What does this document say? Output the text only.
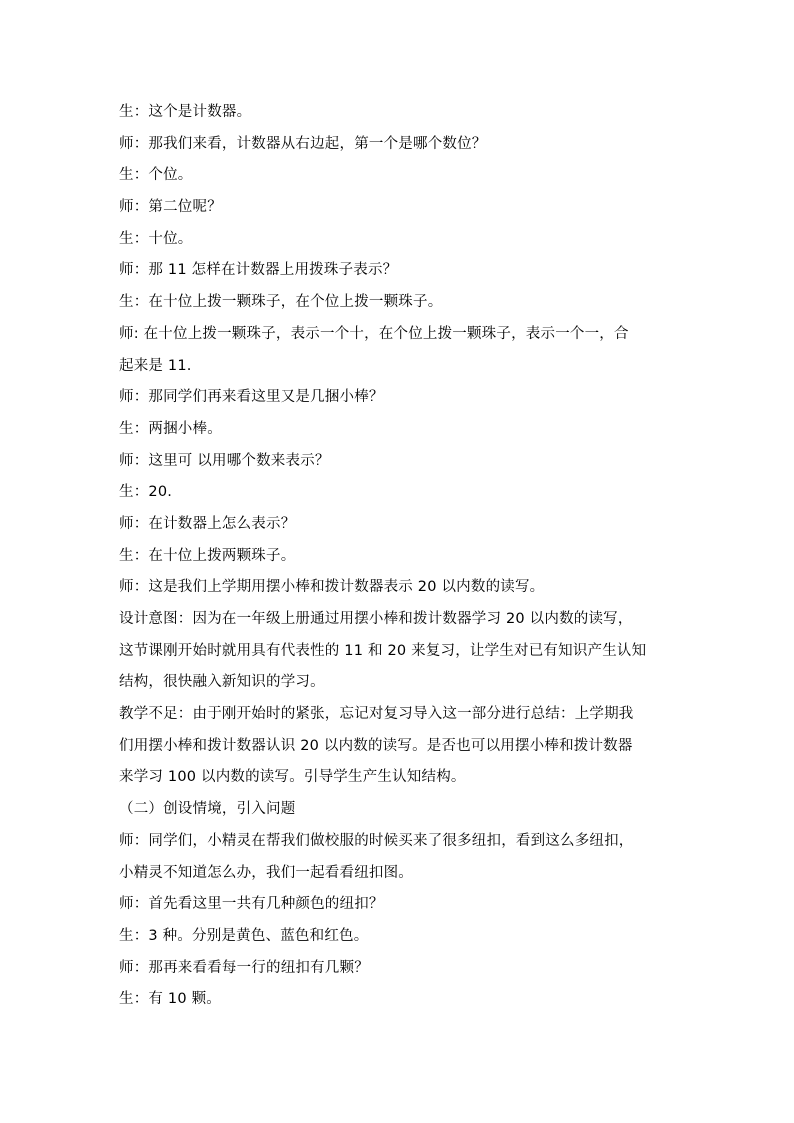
生：这个是计数器。
师：那我们来看，计数器从右边起，第一个是哪个数位？
生：个位。
师：第二位呢？
生：十位。
师：那 11 怎样在计数器上用拨珠子表示？
生：在十位上拨一颗珠子，在个位上拨一颗珠子。
师: 在十位上拨一颗珠子，表示一个十，在个位上拨一颗珠子，表示一个一，合
起来是 11.
师：那同学们再来看这里又是几捆小棒？
生：两捆小棒。
师：这里可 以用哪个数来表示？
生：20.
师：在计数器上怎么表示？
生：在十位上拨两颗珠子。
师：这是我们上学期用摆小棒和拨计数器表示 20 以内数的读写。
设计意图：因为在一年级上册通过用摆小棒和拨计数器学习 20 以内数的读写，
这节课刚开始时就用具有代表性的 11 和 20 来复习，让学生对已有知识产生认知
结构，很快融入新知识的学习。
教学不足：由于刚开始时的紧张，忘记对复习导入这一部分进行总结：上学期我
们用摆小棒和拨计数器认识 20 以内数的读写。是否也可以用摆小棒和拨计数器
来学习 100 以内数的读写。引导学生产生认知结构。
（二）创设情境，引入问题
师：同学们，小精灵在帮我们做校服的时候买来了很多纽扣，看到这么多纽扣，
小精灵不知道怎么办，我们一起看看纽扣图。
师：首先看这里一共有几种颜色的纽扣？
生：3 种。分别是黄色、蓝色和红色。
师：那再来看看每一行的纽扣有几颗？
生：有 10 颗。
